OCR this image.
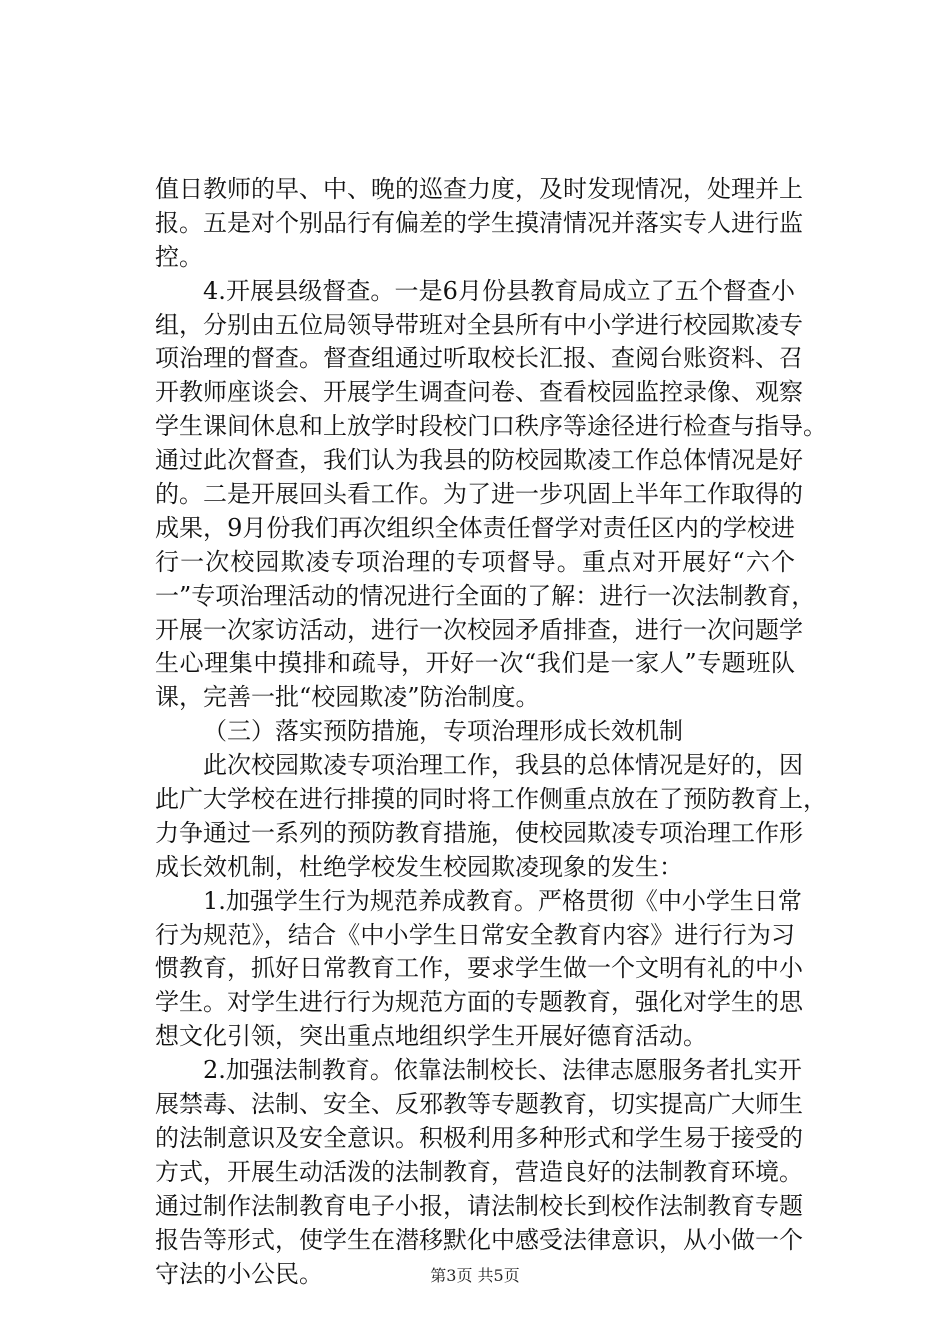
值日教师的早、中、晚的巡查力度，及时发现情况，处理并上
报。五是对个别品行有偏差的学生摸清情况并落实专人进行监
控。
4.开展县级督查。一是6月份县教育局成立了五个督查小
组，分别由五位局领导带班对全县所有中小学进行校园欺凌专
项治理的督查。督查组通过听取校长汇报、查阅台账资料、召
开教师座谈会、开展学生调查问卷、查看校园监控录像、观察
学生课间休息和上放学时段校门口秩序等途径进行检查与指导。
通过此次督查，我们认为我县的防校园欺凌工作总体情况是好
的。二是开展回头看工作。为了进一步巩固上半年工作取得的
成果，9月份我们再次组织全体责任督学对责任区内的学校进
行一次校园欺凌专项治理的专项督导。重点对开展好“六个
一”专项治理活动的情况进行全面的了解：进行一次法制教育，
开展一次家访活动，进行一次校园矛盾排查，进行一次问题学
生心理集中摸排和疏导，开好一次“我们是一家人”专题班队
课，完善一批“校园欺凌”防治制度。
（三）落实预防措施，专项治理形成长效机制
此次校园欺凌专项治理工作，我县的总体情况是好的，因
此广大学校在进行排摸的同时将工作侧重点放在了预防教育上，
力争通过一系列的预防教育措施，使校园欺凌专项治理工作形
成长效机制，杜绝学校发生校园欺凌现象的发生：
1.加强学生行为规范养成教育。严格贯彻《中小学生日常
行为规范》，结合《中小学生日常安全教育内容》进行行为习
惯教育，抓好日常教育工作，要求学生做一个文明有礼的中小
学生。对学生进行行为规范方面的专题教育，强化对学生的思
想文化引领，突出重点地组织学生开展好德育活动。
2.加强法制教育。依靠法制校长、法律志愿服务者扎实开
展禁毒、法制、安全、反邪教等专题教育，切实提高广大师生
的法制意识及安全意识。积极利用多种形式和学生易于接受的
方式，开展生动活泼的法制教育，营造良好的法制教育环境。
通过制作法制教育电子小报，请法制校长到校作法制教育专题
报告等形式，使学生在潜移默化中感受法律意识，从小做一个
守法的小公民。	第3页 共5页
